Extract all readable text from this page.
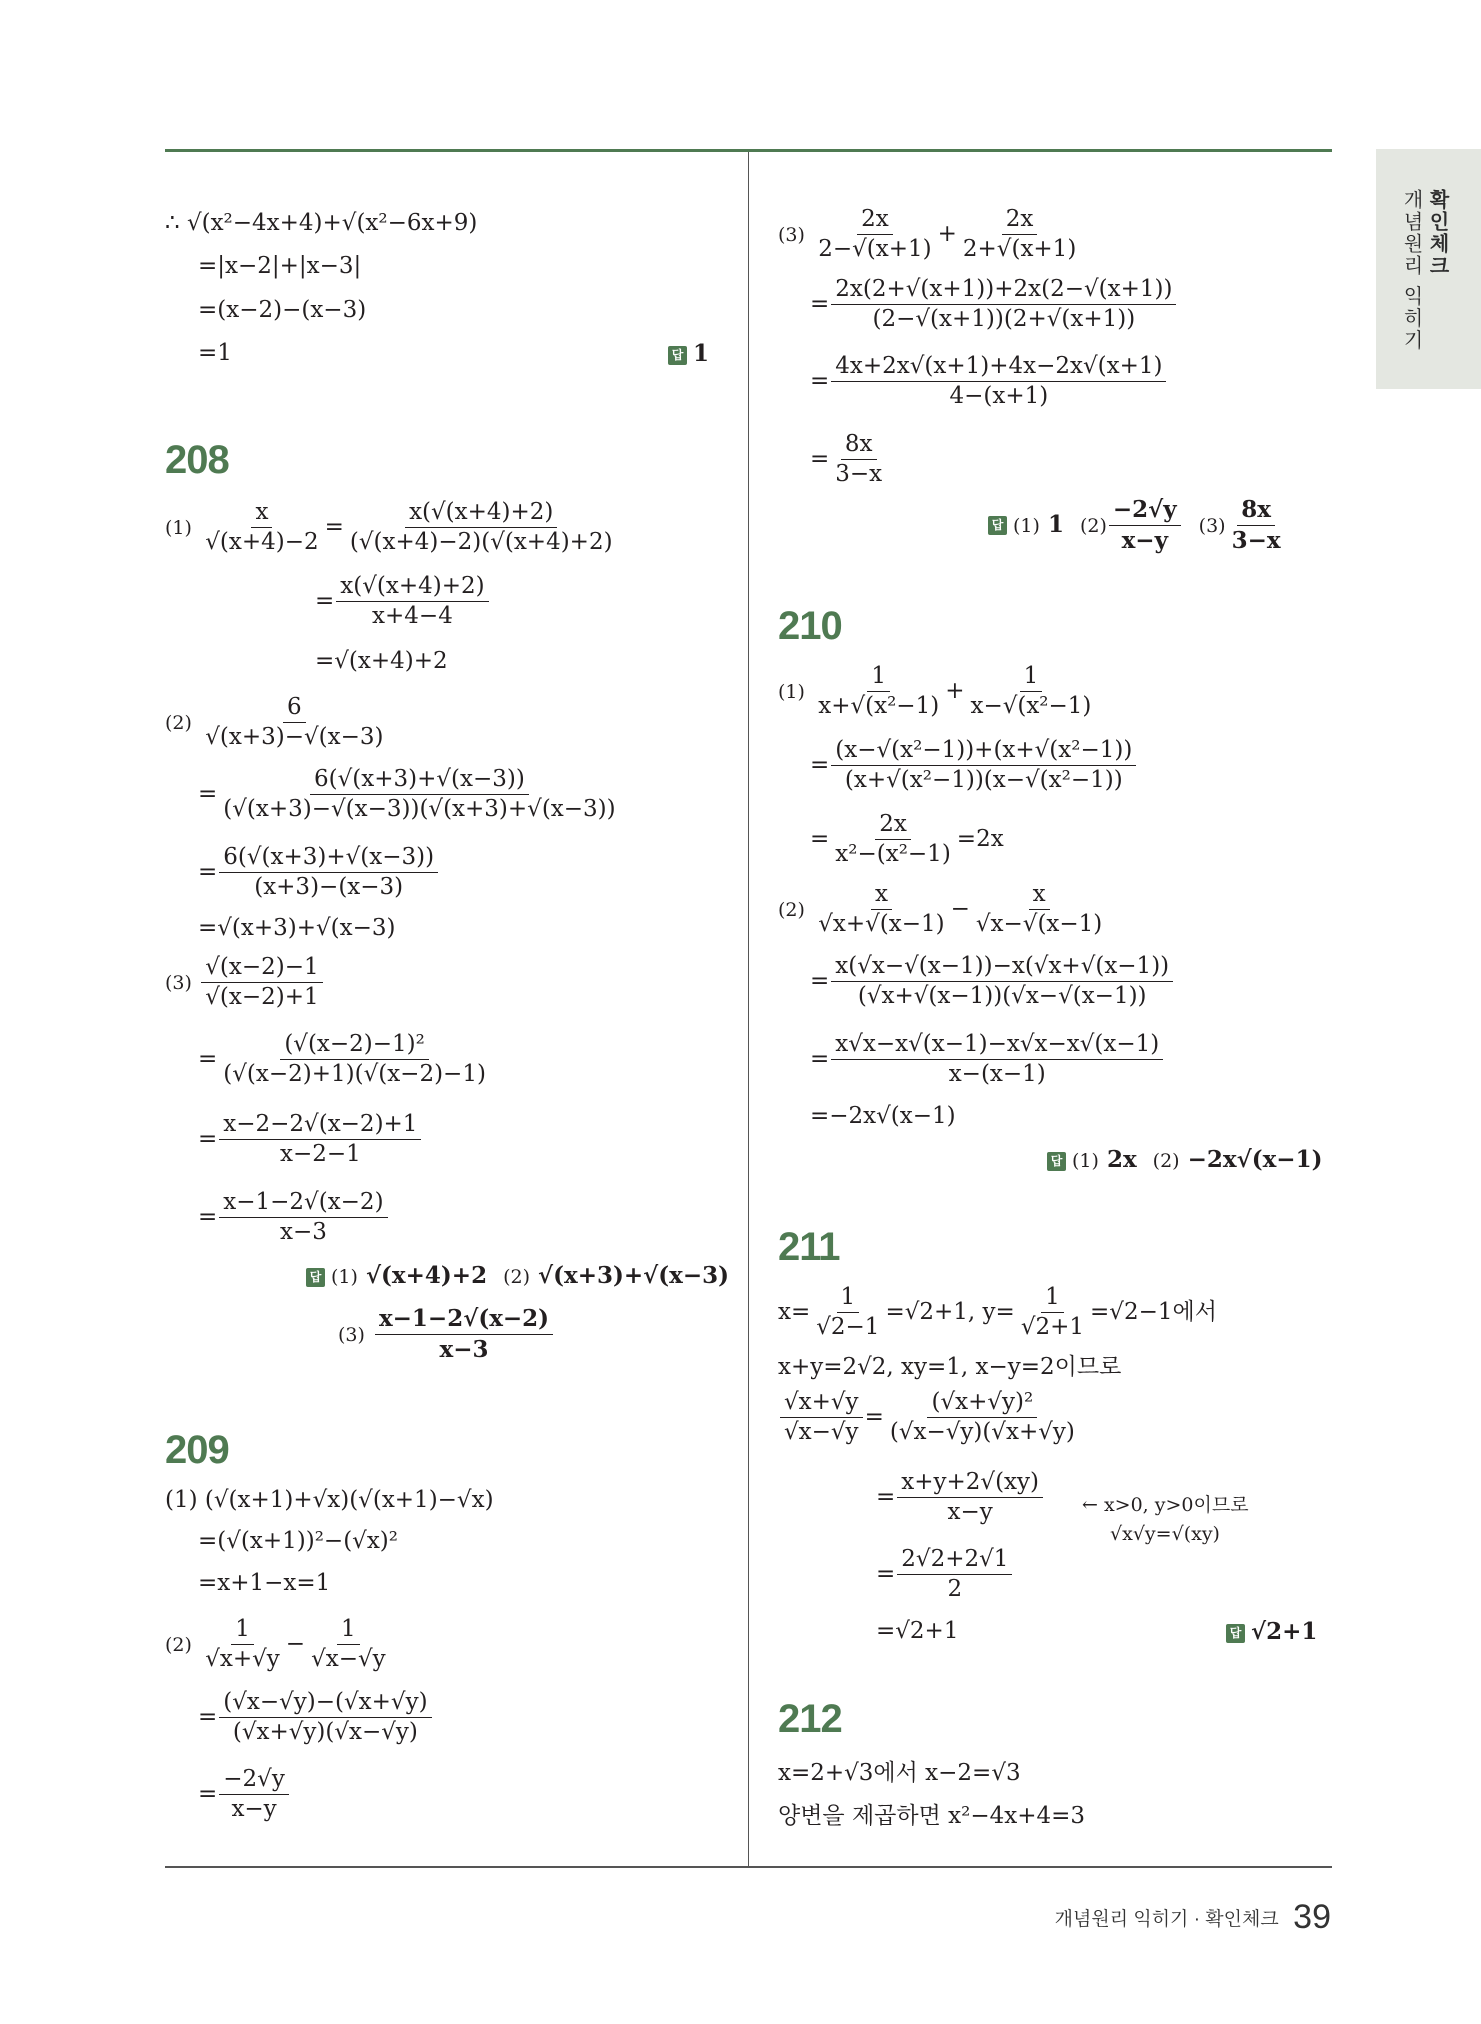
확인체크
개념원리 익히기
∴ √(x²−4x+4)+√(x²−6x+9)
=|x−2|+|x−3|
=(x−2)−(x−3)
=1	답 1
208
$(1) \frac{x}{√(x+4)-2} = \frac{x(√(x+4)+2)}{(√(x+4)-2)(√(x+4)+2)}$
= $\frac{x(√(x+4)+2)}{x+4-4}$
=√(x+4)+2
$(2) \frac{6}{√(x+3)-√(x-3)}$
= $\frac{6(√(x+3)+√(x-3))}{(√(x+3)-√(x-3))(√(x+3)+√(x-3))}$
= $\frac{6(√(x+3)+√(x-3))}{(x+3)-(x-3)}$
=√(x+3)+√(x−3)
$(3) \frac{√(x-2)-1}{√(x-2)+1}$
= $\frac{\text{(√(x−2)−1)²}}{(√(x-2)+1)(√(x-2)-1)}$
= $\frac{x-2-2√(x-2)+1}{x-2-1}$
= $\frac{x-1-2√(x-2)}{x-3}$
답 (1) √(x+4)+2 (2) √(x+3)+√(x−3)
$(3) \frac{x-1-2√(x-2)}{x-3}$
209
(1) (√(x+1)+√x)(√(x+1)−√x)
=(√(x+1))²−(√x)²
=x+1−x=1
$(2) \frac{1}{√x+√y} - \frac{1}{√x-√y}$
= $\frac{(√x-√y)-(√x+√y)}{(√x+√y)(√x-√y)}$
= $\frac{-2√y}{x-y}$
$(3) \frac{2x}{2-√(x+1)} + \frac{2x}{2+√(x+1)}$
= $\frac{2x(2+√(x+1))+2x(2-√(x+1))}{(2-√(x+1))(2+√(x+1))}$
= $\frac{4x+2x√(x+1)+4x-2x√(x+1)}{4-(x+1)}$
= $\frac{8x}{3-x}$
답 (1) 1 $(2) \frac{-2√y}{x-y} (3) \frac{8x}{3-x}$
210
$(1) \frac{1}{\text{x+√(x²−1)}} + \frac{1}{\text{x−√(x²−1)}}$
= $\frac{\text{(x−√(x²−1))+(x+√(x²−1))}}{\text{(x+√(x²−1))(x−√(x²−1))}}$
= $\frac{2x}{\text{x²−(x²−1)}} =2x$
$(2) \frac{x}{√x+√(x-1)} - \frac{x}{√x-√(x-1)}$
= $\frac{x(√x-√(x-1))-x(√x+√(x-1))}{(√x+√(x-1))(√x-√(x-1))}$
= $\frac{x√x-x√(x-1)-x√x-x√(x-1)}{x-(x-1)}$
=−2x√(x−1)
답 (1) 2x (2) −2x√(x−1)
211
$x= \frac{1}{√2-1} =√2+1$, $y= \frac{1}{√2+1} =√2-1$에서
x+y=2√2, xy=1, x−y=2이므로
$\frac{√x+√y}{√x-√y} = \frac{\text{(√x+√y)²}}{(√x-√y)(√x+√y)}$
= $\frac{x+y+2√(xy)}{x-y}$ ← x>0, y>0이므로
√x√y=√(xy)
= $\frac{2√2+2√1}{2}$
=√2+1	답 √2+1
212
x=2+√3에서 x−2=√3
양변을 제곱하면 x²−4x+4=3
개념원리 익히기 · 확인체크 39
